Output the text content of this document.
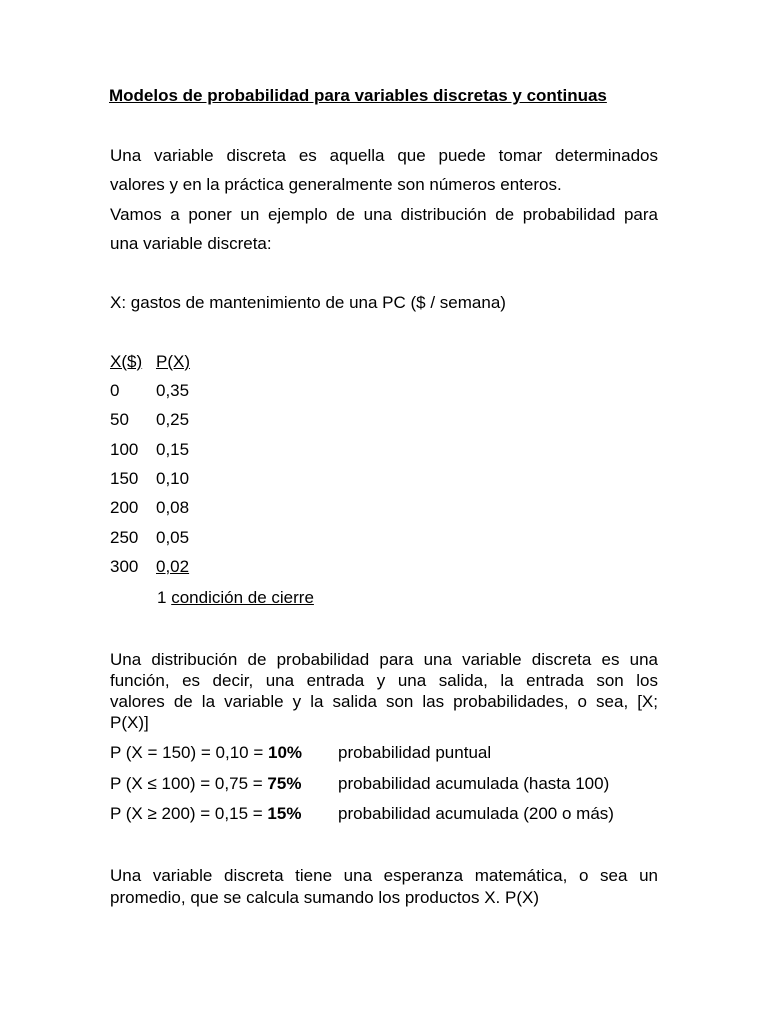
Modelos de probabilidad para variables discretas y continuas
Una variable discreta es aquella que puede tomar determinados
valores y en la práctica generalmente son números enteros.
Vamos a poner un ejemplo de una distribución de probabilidad para
una variable discreta:
X: gastos de mantenimiento de una PC ($ / semana)
X($) P(X)
0 0,35
50 0,25
100 0,15
150 0,10
200 0,08
250 0,05
300 0,02
1 condición de cierre
Una distribución de probabilidad para una variable discreta es una
función, es decir, una entrada y una salida, la entrada son los
valores de la variable y la salida son las probabilidades, o sea, [X;
P(X)]
P (X = 150) = 0,10 = 10% probabilidad puntual
P (X ≤ 100) = 0,75 = 75% probabilidad acumulada (hasta 100)
P (X ≥ 200) = 0,15 = 15% probabilidad acumulada (200 o más)
Una variable discreta tiene una esperanza matemática, o sea un
promedio, que se calcula sumando los productos X. P(X)
